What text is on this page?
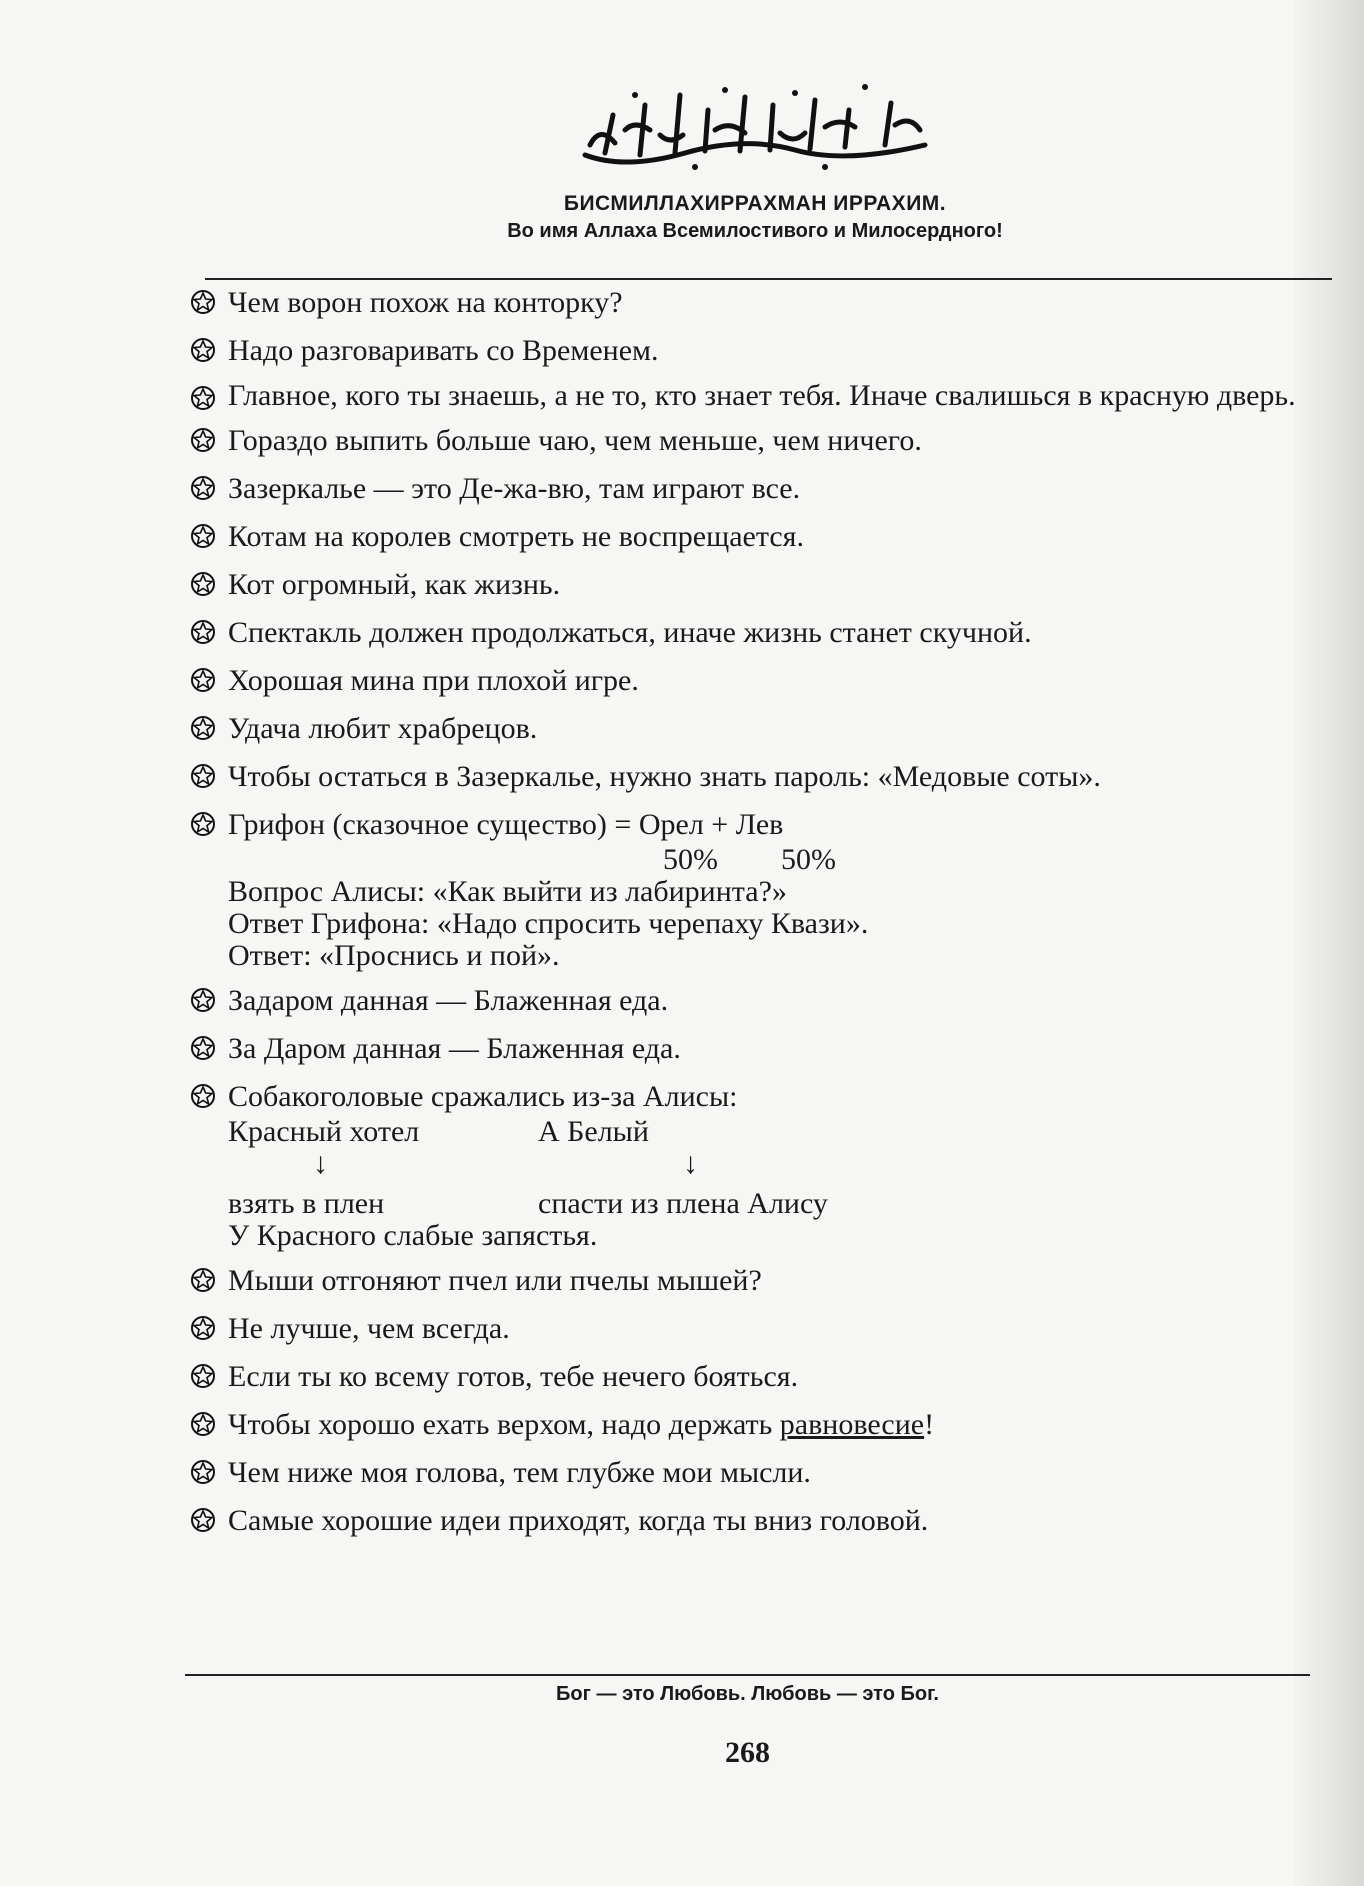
БИСМИЛЛАХИРРАХМАН ИРРАХИМ.
Во имя Аллаха Всемилостивого и Милосердного!
Чем ворон похож на конторку?
Надо разговаривать со Временем.
Главное, кого ты знаешь, а не то, кто знает тебя. Иначе свалишься в красную дверь.
Гораздо выпить больше чаю, чем меньше, чем ничего.
Зазеркалье — это Де-жа-вю, там играют все.
Котам на королев смотреть не воспрещается.
Кот огромный, как жизнь.
Спектакль должен продолжаться, иначе жизнь станет скучной.
Хорошая мина при плохой игре.
Удача любит храбрецов.
Чтобы остаться в Зазеркалье, нужно знать пароль: «Медовые соты».
Грифон (сказочное существо) = Орел + Лев
50%	50%
Вопрос Алисы: «Как выйти из лабиринта?»
Ответ Грифона: «Надо спросить черепаху Квази».
Ответ: «Проснись и пой».
Задаром данная — Блаженная еда.
За Даром данная — Блаженная еда.
Собакоголовые сражались из-за Алисы:
Красный хотел	А Белый
↓	↓
взять в плен	спасти из плена Алису
У Красного слабые запястья.
Мыши отгоняют пчел или пчелы мышей?
Не лучше, чем всегда.
Если ты ко всему готов, тебе нечего бояться.
Чтобы хорошо ехать верхом, надо держать равновесие!
Чем ниже моя голова, тем глубже мои мысли.
Самые хорошие идеи приходят, когда ты вниз головой.
Бог — это Любовь. Любовь — это Бог.
268
